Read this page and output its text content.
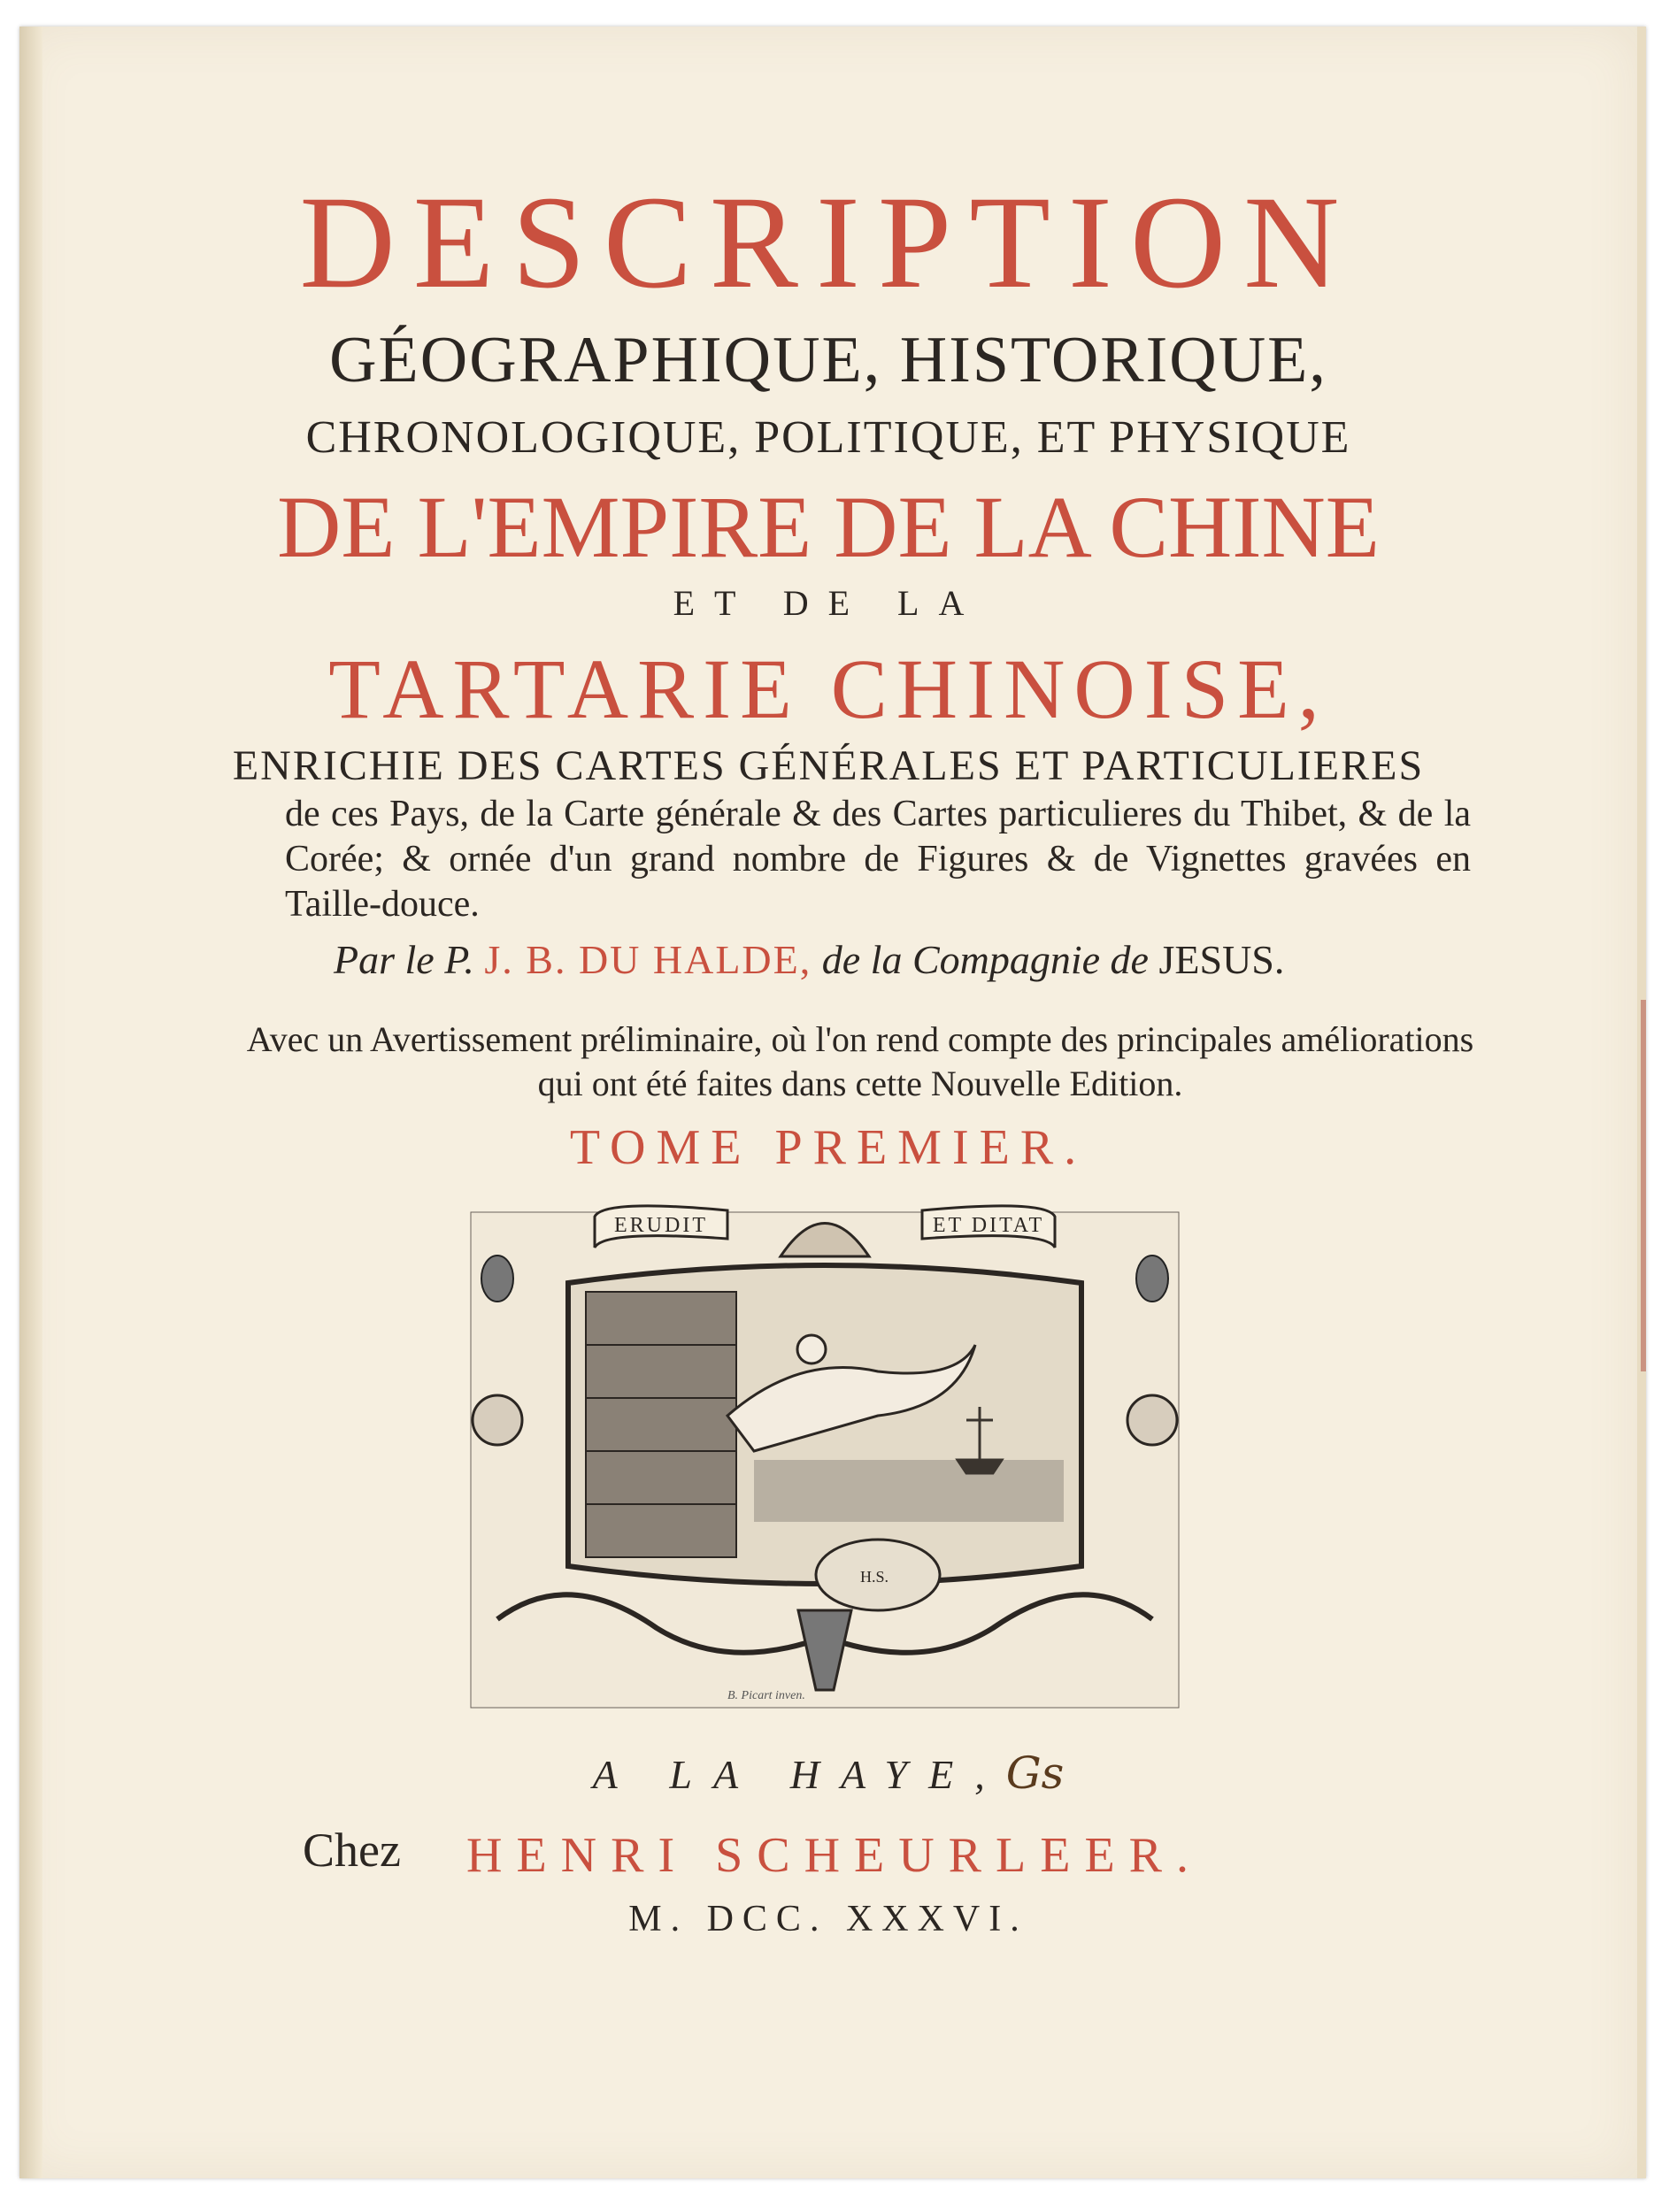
DESCRIPTION
GÉOGRAPHIQUE, HISTORIQUE,
CHRONOLOGIQUE, POLITIQUE, ET PHYSIQUE
DE L'EMPIRE DE LA CHINE
ET DE LA
TARTARIE CHINOISE,
ENRICHIE DES CARTES GÉNÉRALES ET PARTICULIERES
de ces Pays, de la Carte générale & des Cartes particulieres du Thibet, & de la Corée; & ornée d'un grand nombre de Figures & de Vignettes gravées en Taille-douce.
Par le P. J. B. DU HALDE, de la Compagnie de JESUS.
Avec un Avertissement préliminaire, où l'on rend compte des principales améliorations qui ont été faites dans cette Nouvelle Edition.
TOME PREMIER.
ERUDIT	ET DITAT
H.S.
B. Picart inven.
A LA HAYE,Gs
Chez HENRI SCHEURLEER.
M. DCC. XXXVI.
